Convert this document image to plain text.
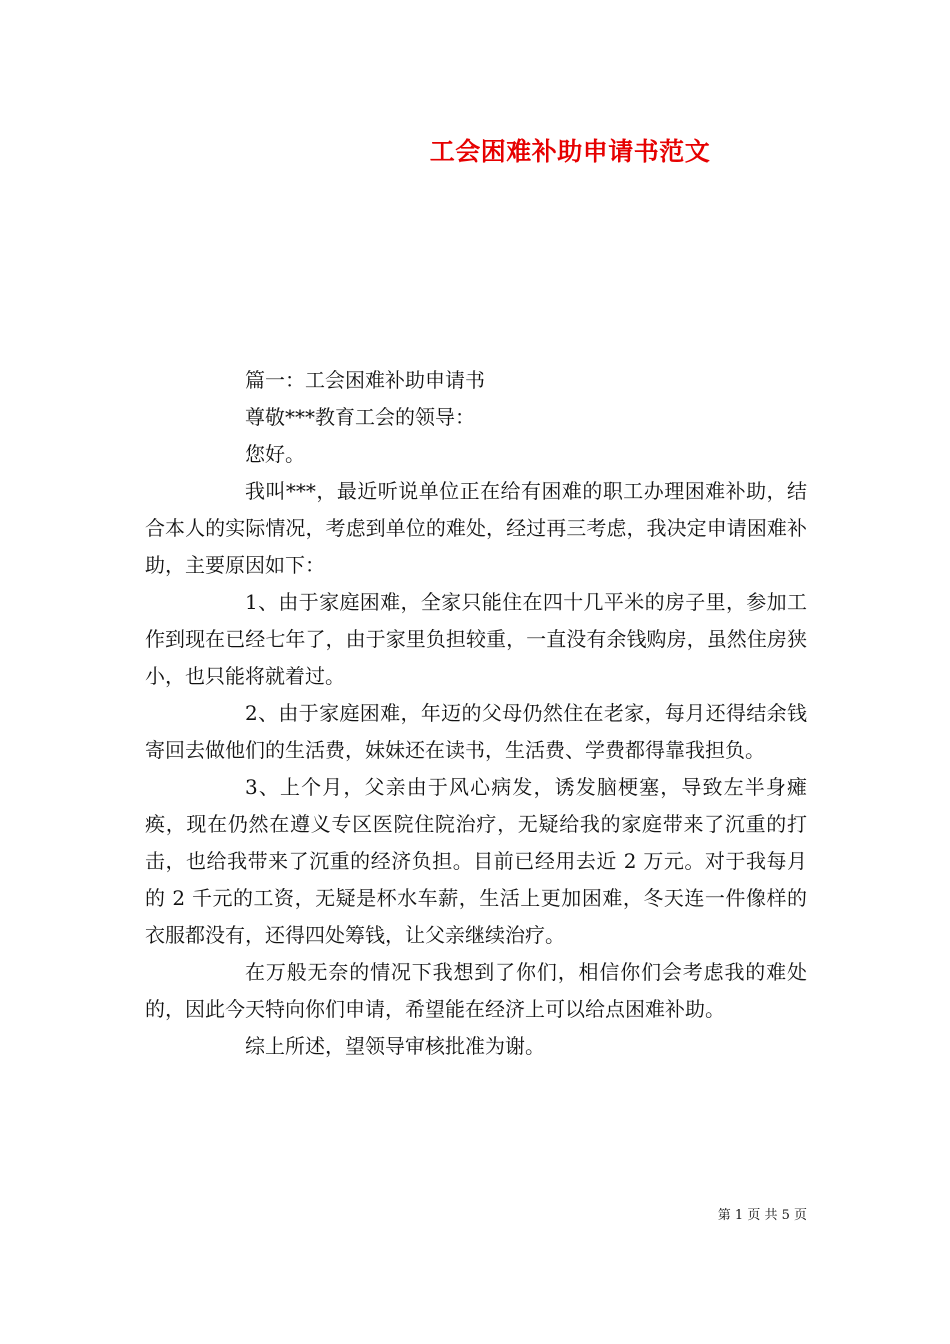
工会困难补助申请书范文

篇一：工会困难补助申请书

尊敬***教育工会的领导：

您好。

我叫***，最近听说单位正在给有困难的职工办理困难补助，结合本人的实际情况，考虑到单位的难处，经过再三考虑，我决定申请困难补助，主要原因如下：

1、由于家庭困难，全家只能住在四十几平米的房子里，参加工作到现在已经七年了，由于家里负担较重，一直没有余钱购房，虽然住房狭小，也只能将就着过。

2、由于家庭困难，年迈的父母仍然住在老家，每月还得结余钱寄回去做他们的生活费，妹妹还在读书，生活费、学费都得靠我担负。

3、上个月，父亲由于风心病发，诱发脑梗塞，导致左半身瘫痪，现在仍然在遵义专区医院住院治疗，无疑给我的家庭带来了沉重的打击，也给我带来了沉重的经济负担。目前已经用去近 2 万元。对于我每月的 2 千元的工资，无疑是杯水车薪，生活上更加困难，冬天连一件像样的衣服都没有，还得四处筹钱，让父亲继续治疗。

在万般无奈的情况下我想到了你们，相信你们会考虑我的难处的，因此今天特向你们申请，希望能在经济上可以给点困难补助。

综上所述，望领导审核批准为谢。

第 1 页 共 5 页
